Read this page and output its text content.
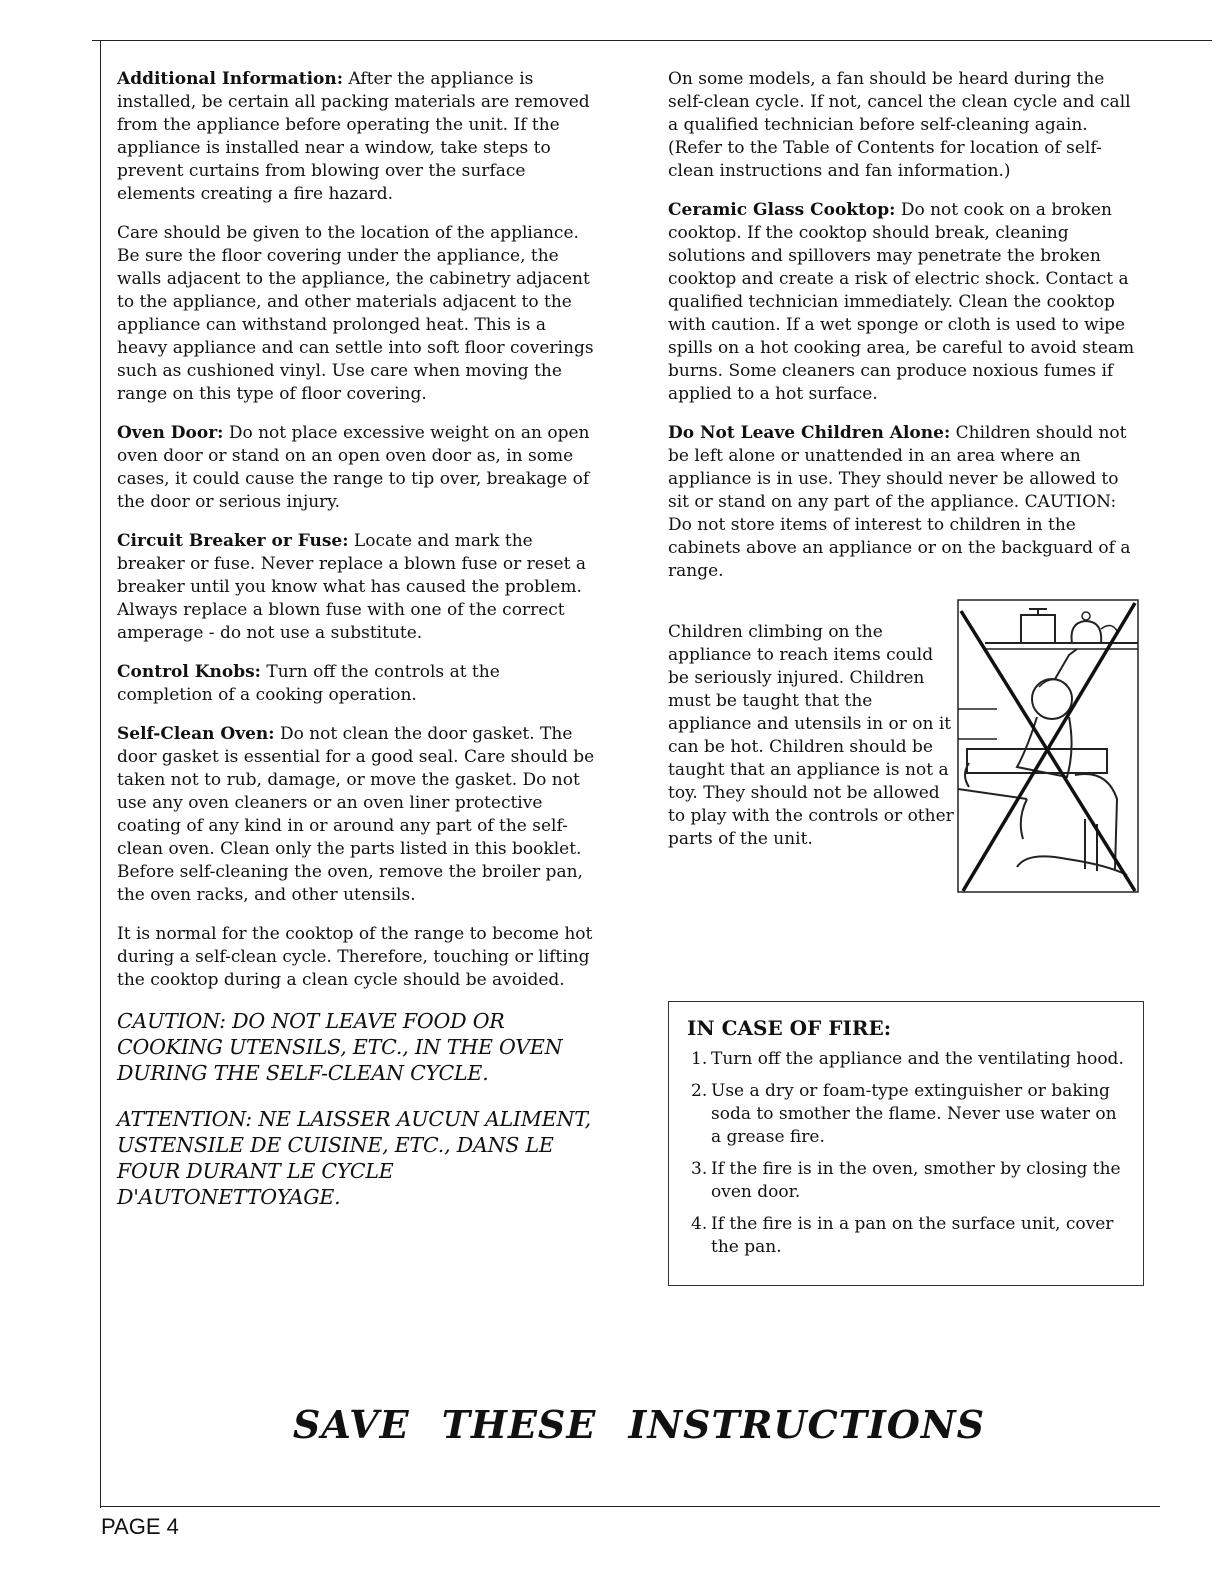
Additional Information: After the appliance is installed, be certain all packing materials are removed from the appliance before operating the unit. If the appliance is installed near a window, take steps to prevent curtains from blowing over the surface elements creating a fire hazard.

Care should be given to the location of the appliance. Be sure the floor covering under the appliance, the walls adjacent to the appliance, the cabinetry adjacent to the appliance, and other materials adjacent to the appliance can withstand prolonged heat. This is a heavy appliance and can settle into soft floor coverings such as cushioned vinyl. Use care when moving the range on this type of floor covering.

Oven Door: Do not place excessive weight on an open oven door or stand on an open oven door as, in some cases, it could cause the range to tip over, breakage of the door or serious injury.

Circuit Breaker or Fuse: Locate and mark the breaker or fuse. Never replace a blown fuse or reset a breaker until you know what has caused the problem. Always replace a blown fuse with one of the correct amperage - do not use a substitute.

Control Knobs: Turn off the controls at the completion of a cooking operation.

Self-Clean Oven: Do not clean the door gasket. The door gasket is essential for a good seal. Care should be taken not to rub, damage, or move the gasket. Do not use any oven cleaners or an oven liner protective coating of any kind in or around any part of the self-clean oven. Clean only the parts listed in this booklet. Before self-cleaning the oven, remove the broiler pan, the oven racks, and other utensils.

It is normal for the cooktop of the range to become hot during a self-clean cycle. Therefore, touching or lifting the cooktop during a clean cycle should be avoided.

CAUTION: DO NOT LEAVE FOOD OR COOKING UTENSILS, ETC., IN THE OVEN DURING THE SELF-CLEAN CYCLE.

ATTENTION: NE LAISSER AUCUN ALIMENT, USTENSILE DE CUISINE, ETC., DANS LE FOUR DURANT LE CYCLE D'AUTONETTOYAGE.

On some models, a fan should be heard during the self-clean cycle. If not, cancel the clean cycle and call a qualified technician before self-cleaning again. (Refer to the Table of Contents for location of self-clean instructions and fan information.)

Ceramic Glass Cooktop: Do not cook on a broken cooktop. If the cooktop should break, cleaning solutions and spillovers may penetrate the broken cooktop and create a risk of electric shock. Contact a qualified technician immediately. Clean the cooktop with caution. If a wet sponge or cloth is used to wipe spills on a hot cooking area, be careful to avoid steam burns. Some cleaners can produce noxious fumes if applied to a hot surface.

Do Not Leave Children Alone: Children should not be left alone or unattended in an area where an appliance is in use. They should never be allowed to sit or stand on any part of the appliance. CAUTION: Do not store items of interest to children in the cabinets above an appliance or on the backguard of a range.

Children climbing on the appliance to reach items could be seriously injured. Children must be taught that the appliance and utensils in or on it can be hot. Children should be taught that an appliance is not a toy. They should not be allowed to play with the controls or other parts of the unit.
IN CASE OF FIRE:
1. Turn off the appliance and the ventilating hood.
2. Use a dry or foam-type extinguisher or baking soda to smother the flame. Never use water on a grease fire.
3. If the fire is in the oven, smother by closing the oven door.
4. If the fire is in a pan on the surface unit, cover the pan.
SAVE THESE INSTRUCTIONS
PAGE 4
